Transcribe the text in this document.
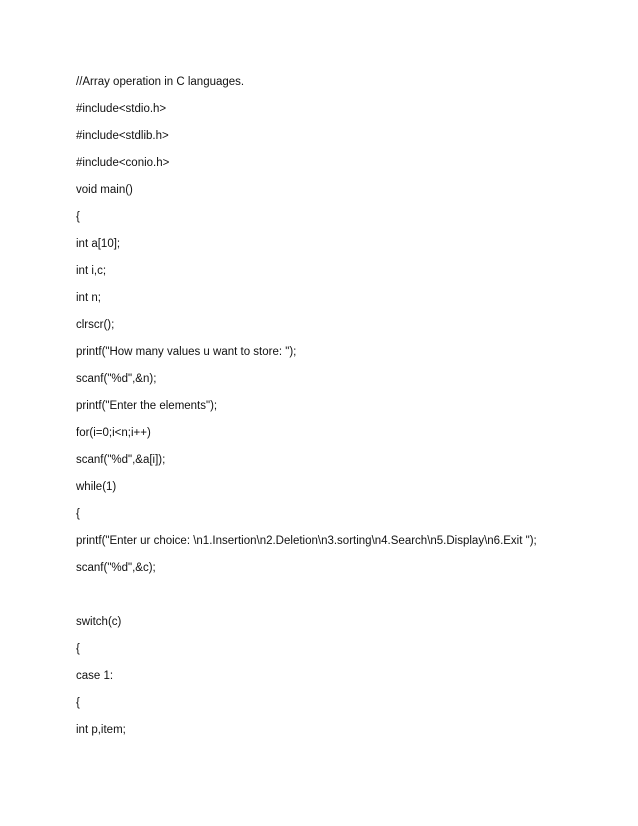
//Array operation in C languages.
#include<stdio.h>
#include<stdlib.h>
#include<conio.h>
void main()
{
int a[10];
int i,c;
int n;
clrscr();
printf("How many values u want to store: ");
scanf("%d",&n);
printf("Enter the elements");
for(i=0;i<n;i++)
scanf("%d",&a[i]);
while(1)
{
printf("Enter ur choice: \n1.Insertion\n2.Deletion\n3.sorting\n4.Search\n5.Display\n6.Exit ");
scanf("%d",&c);
switch(c)
{
case 1:
{
int p,item;
